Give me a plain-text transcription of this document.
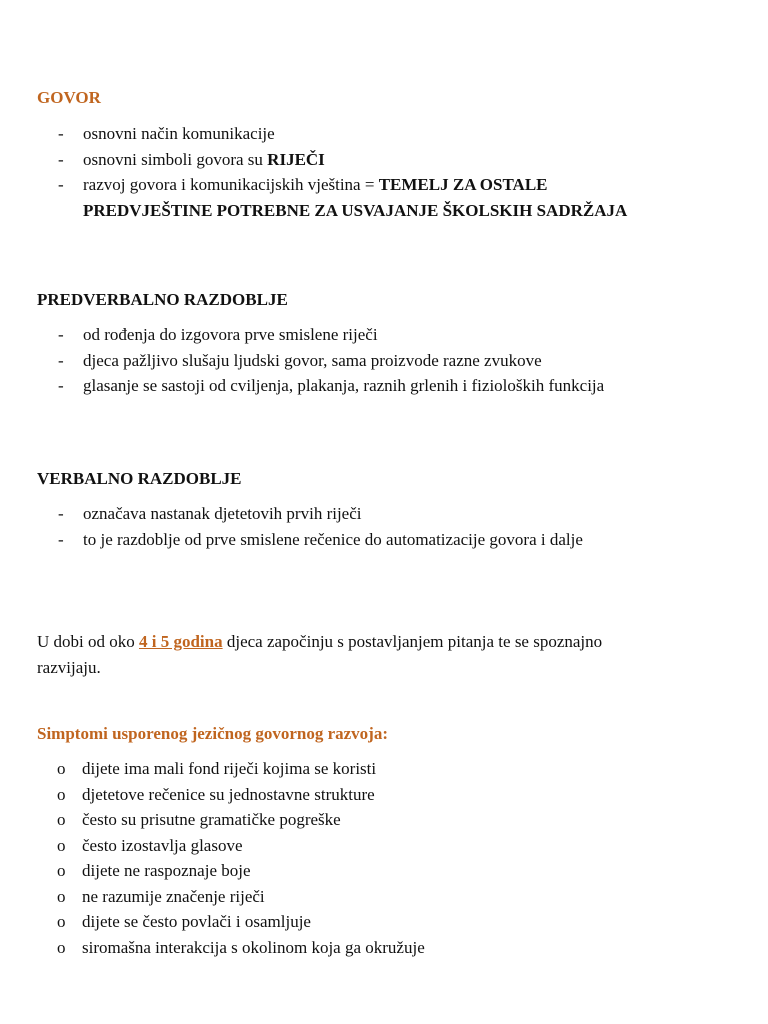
GOVOR
- osnovni način komunikacije
- osnovni simboli govora su RIJEČI
- razvoj govora i komunikacijskih vještina = TEMELJ ZA OSTALE PREDVJEŠTINE POTREBNE ZA USVAJANJE ŠKOLSKIH SADRŽAJA
PREDVERBALNO RAZDOBLJE
- od rođenja do izgovora prve smislene riječi
- djeca pažljivo slušaju ljudski govor, sama proizvode razne zvukove
- glasanje se sastoji od cviljenja, plakanja, raznih grlenih i fizioloških funkcija
VERBALNO RAZDOBLJE
- označava nastanak djetetovih prvih riječi
- to je razdoblje od prve smislene rečenice do automatizacije govora i dalje

U dobi od oko 4 i 5 godina djeca započinju s postavljanjem pitanja te se spoznajno razvijaju.

Simptomi usporenog jezičnog govornog razvoja:
o dijete ima mali fond riječi kojima se koristi
o djetetove rečenice su jednostavne strukture
o često su prisutne gramatičke pogreške
o često izostavlja glasove
o dijete ne raspoznaje boje
o ne razumije značenje riječi
o dijete se često povlači i osamljuje
o siromašna interakcija s okolinom koja ga okružuje
